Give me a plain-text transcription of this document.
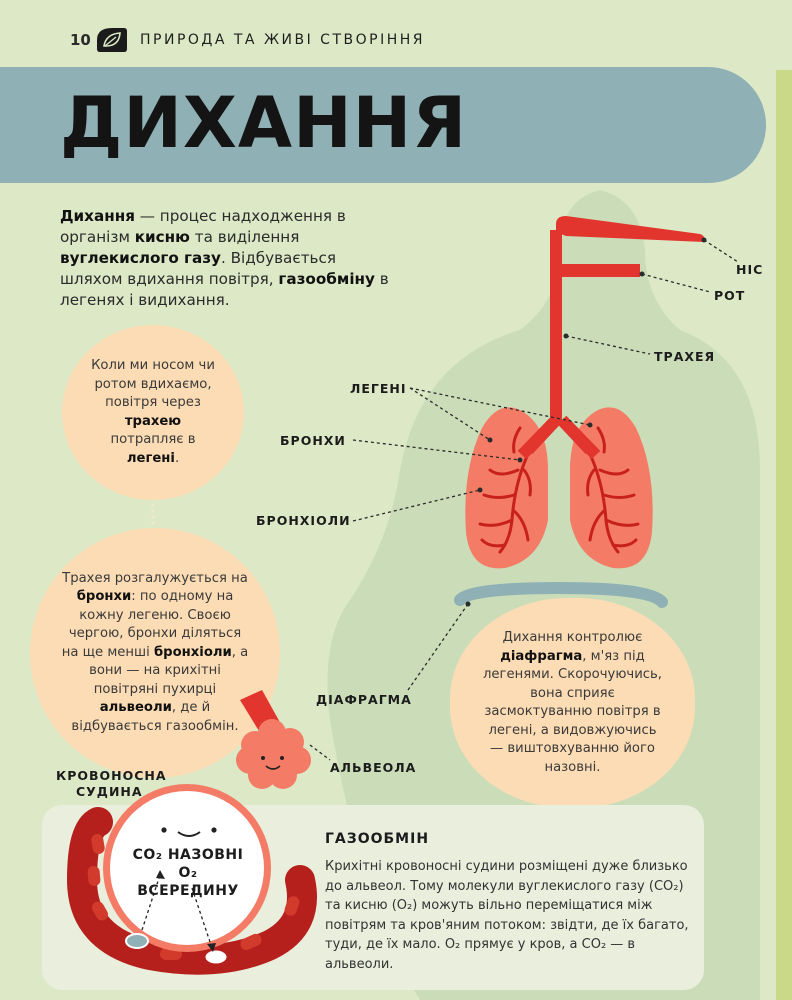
10	ПРИРОДА ТА ЖИВІ СТВОРІННЯ
ДИХАННЯ
Дихання — процес надходження в організм кисню та виділення вуглекислого газу. Відбувається шляхом вдихання повітря, газообміну в легенях і видихання.
Коли ми носом чи ротом вдихаємо, повітря через трахею потрапляє в легені.
Трахея розгалужується на бронхи: по одному на кожну легеню. Своєю чергою, бронхи діляться на ще менші бронхіоли, а вони — на крихітні повітряні пухирці альвеоли, де й відбувається газообмін.
Дихання контролює діафрагма, м'яз під легенями. Скорочуючись, вона сприяє засмоктуванню повітря в легені, а видовжуючись — виштовхуванню його назовні.
НІС
РОТ
ТРАХЕЯ
ЛЕГЕНІ
БРОНХИ
БРОНХІОЛИ
ДІАФРАГМА
АЛЬВЕОЛА
КРОВОНОСНА
СУДИНА
CO₂ НАЗОВНІ
O₂
ВСЕРЕДИНУ
ГАЗООБМІН
Крихітні кровоносні судини розміщені дуже близько до альвеол. Тому молекули вуглекислого газу (CO₂) та кисню (O₂) можуть вільно переміщатися між повітрям та кров'яним потоком: звідти, де їх багато, туди, де їх мало. O₂ прямує у кров, а CO₂ — в альвеоли.
